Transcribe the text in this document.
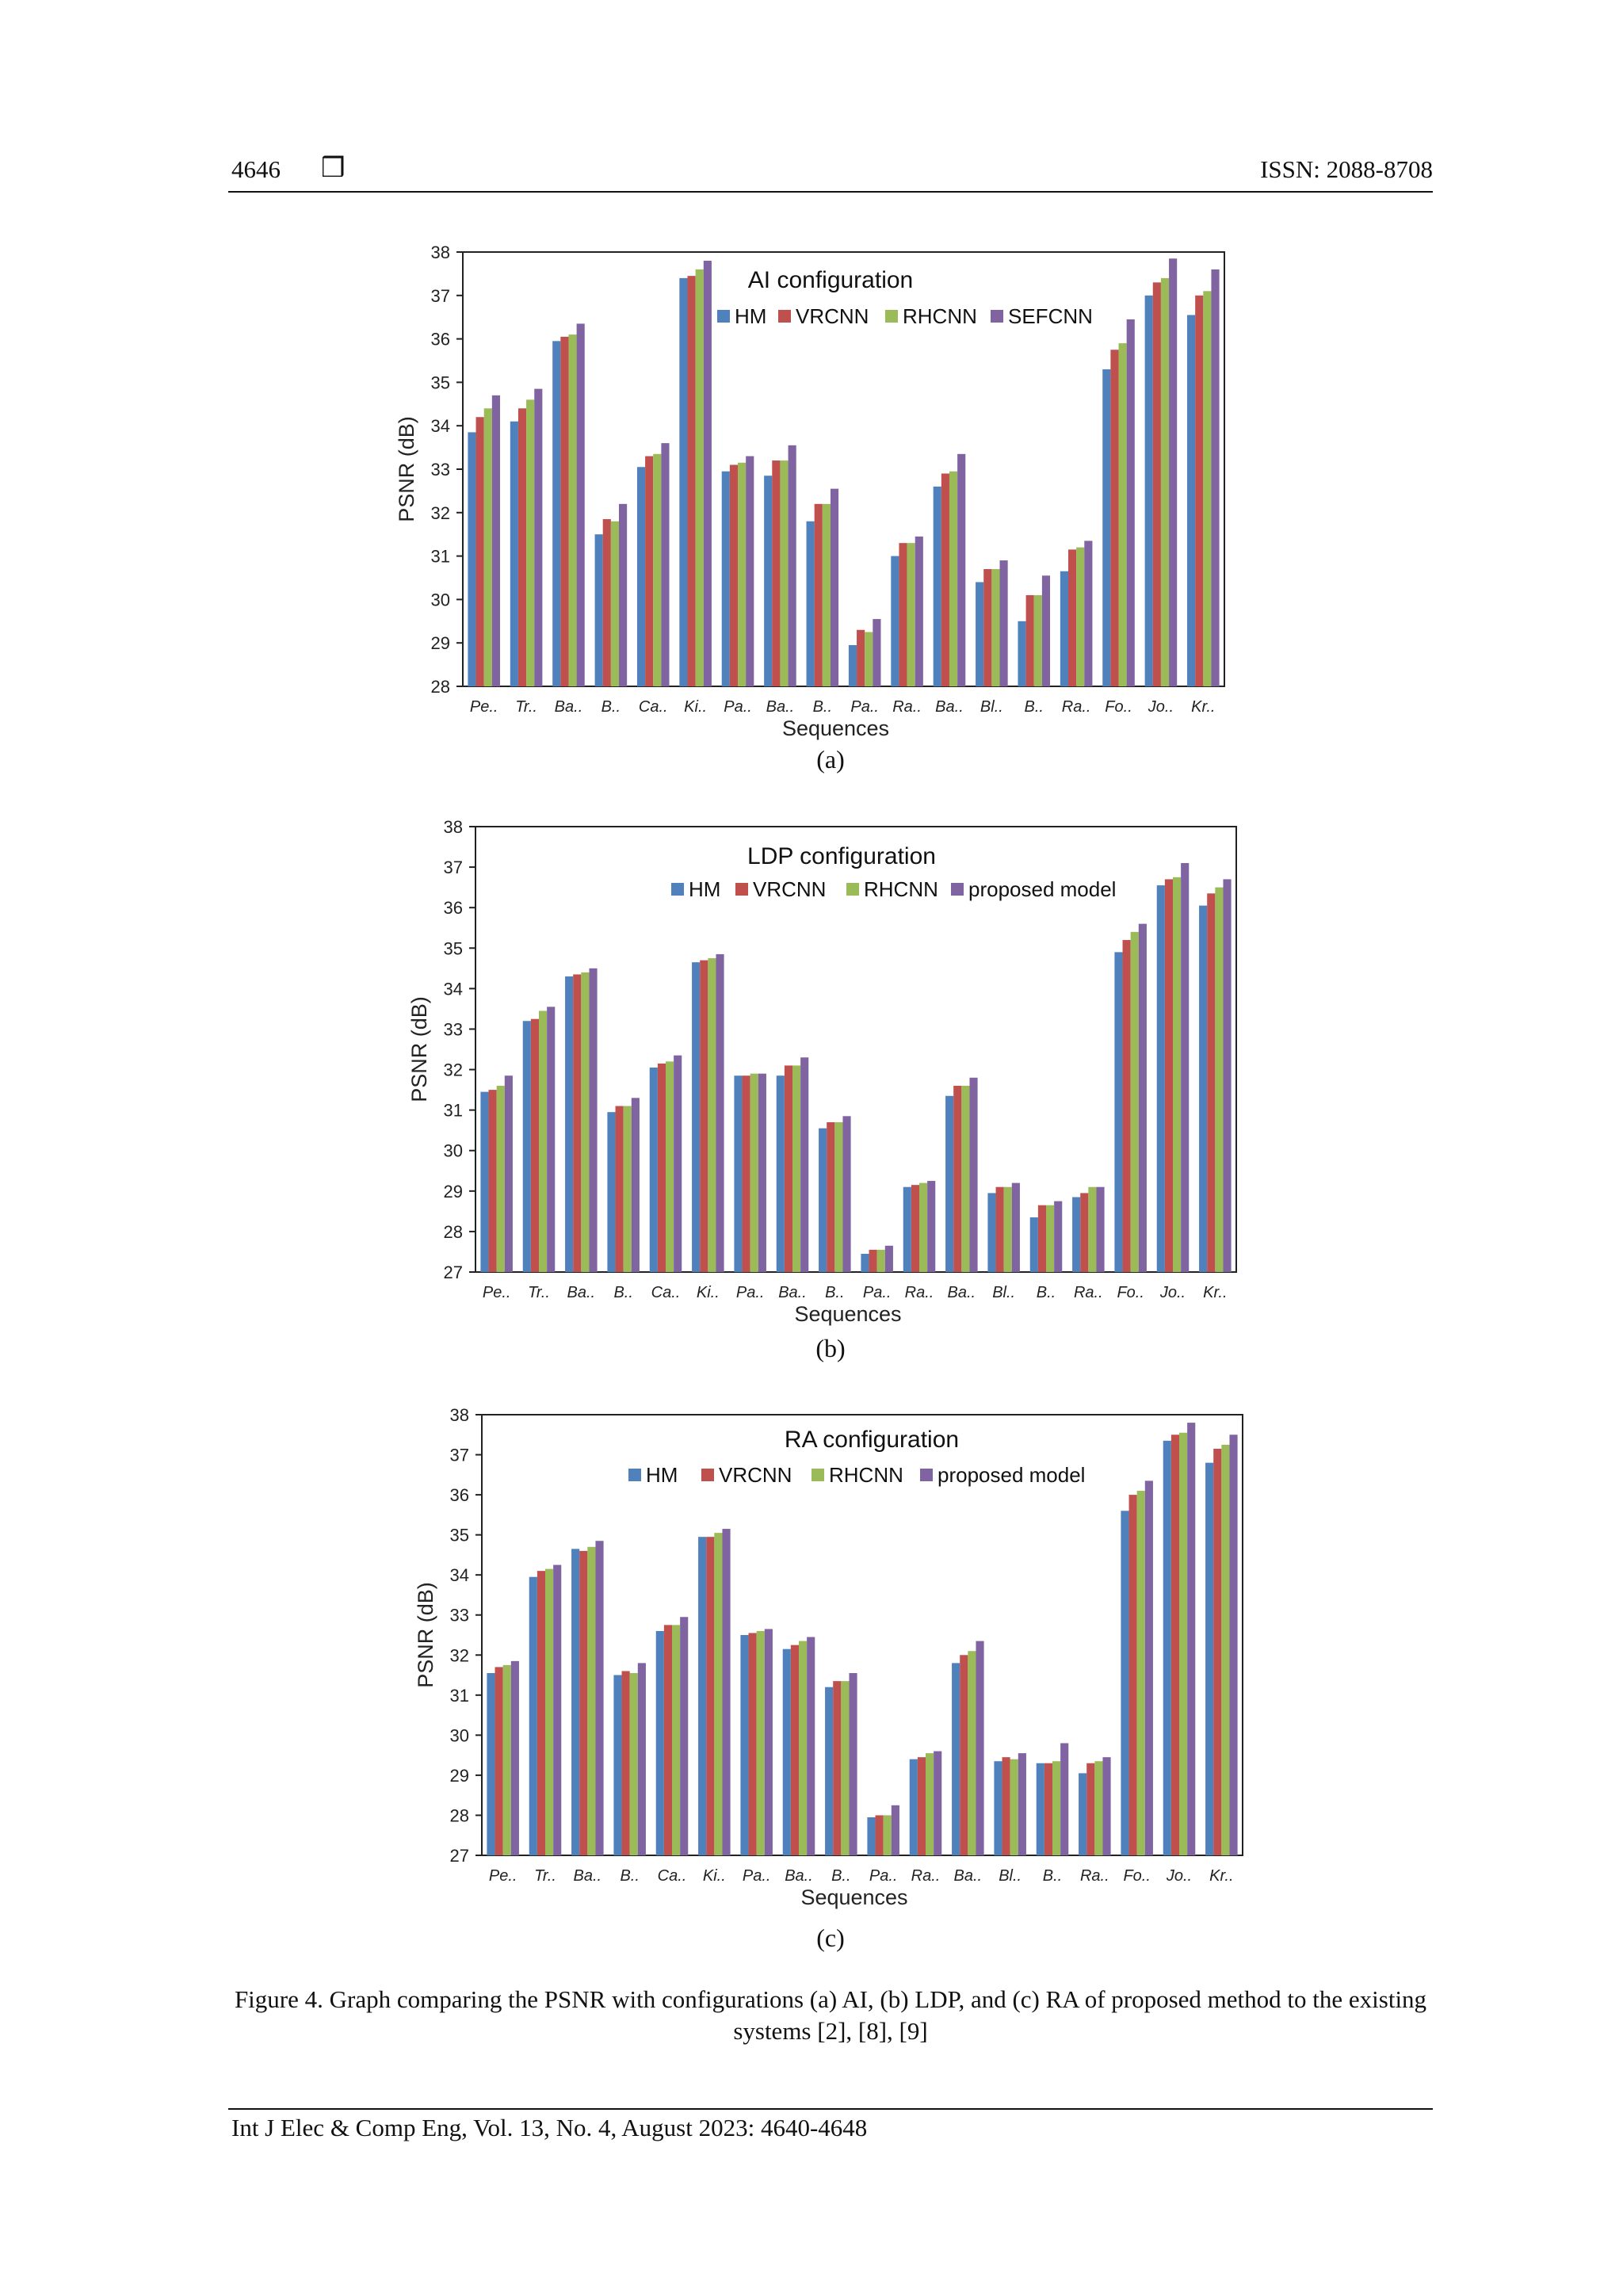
4646 ❒	ISSN: 2088-8708
28
29
30
31
32
33
34
35
36
37
38
Pe.. Tr.. Ba.. B.. Ca.. Ki.. Pa.. Ba.. B.. Pa.. Ra.. Ba.. Bl.. B.. Ra.. Fo.. Jo.. Kr..
Sequences
PSNR (dB)
AI configuration
HM VRCNN RHCNN SEFCNN
(a)
27
28
29
30
31
32
33
34
35
36
37
38
Pe.. Tr.. Ba.. B.. Ca.. Ki.. Pa.. Ba.. B.. Pa.. Ra.. Ba.. Bl.. B.. Ra.. Fo.. Jo.. Kr..
Sequences
PSNR (dB)
LDP configuration
HM VRCNN RHCNN proposed model
(b)
27
28
29
30
31
32
33
34
35
36
37
38
Pe.. Tr.. Ba.. B.. Ca.. Ki.. Pa.. Ba.. B.. Pa.. Ra.. Ba.. Bl.. B.. Ra.. Fo.. Jo.. Kr..
Sequences
PSNR (dB)
RA configuration
HM VRCNN RHCNN proposed model
(c)
Figure 4. Graph comparing the PSNR with configurations (a) AI, (b) LDP, and (c) RA of proposed method to the existing systems [2], [8], [9]
Int J Elec & Comp Eng, Vol. 13, No. 4, August 2023: 4640-4648
